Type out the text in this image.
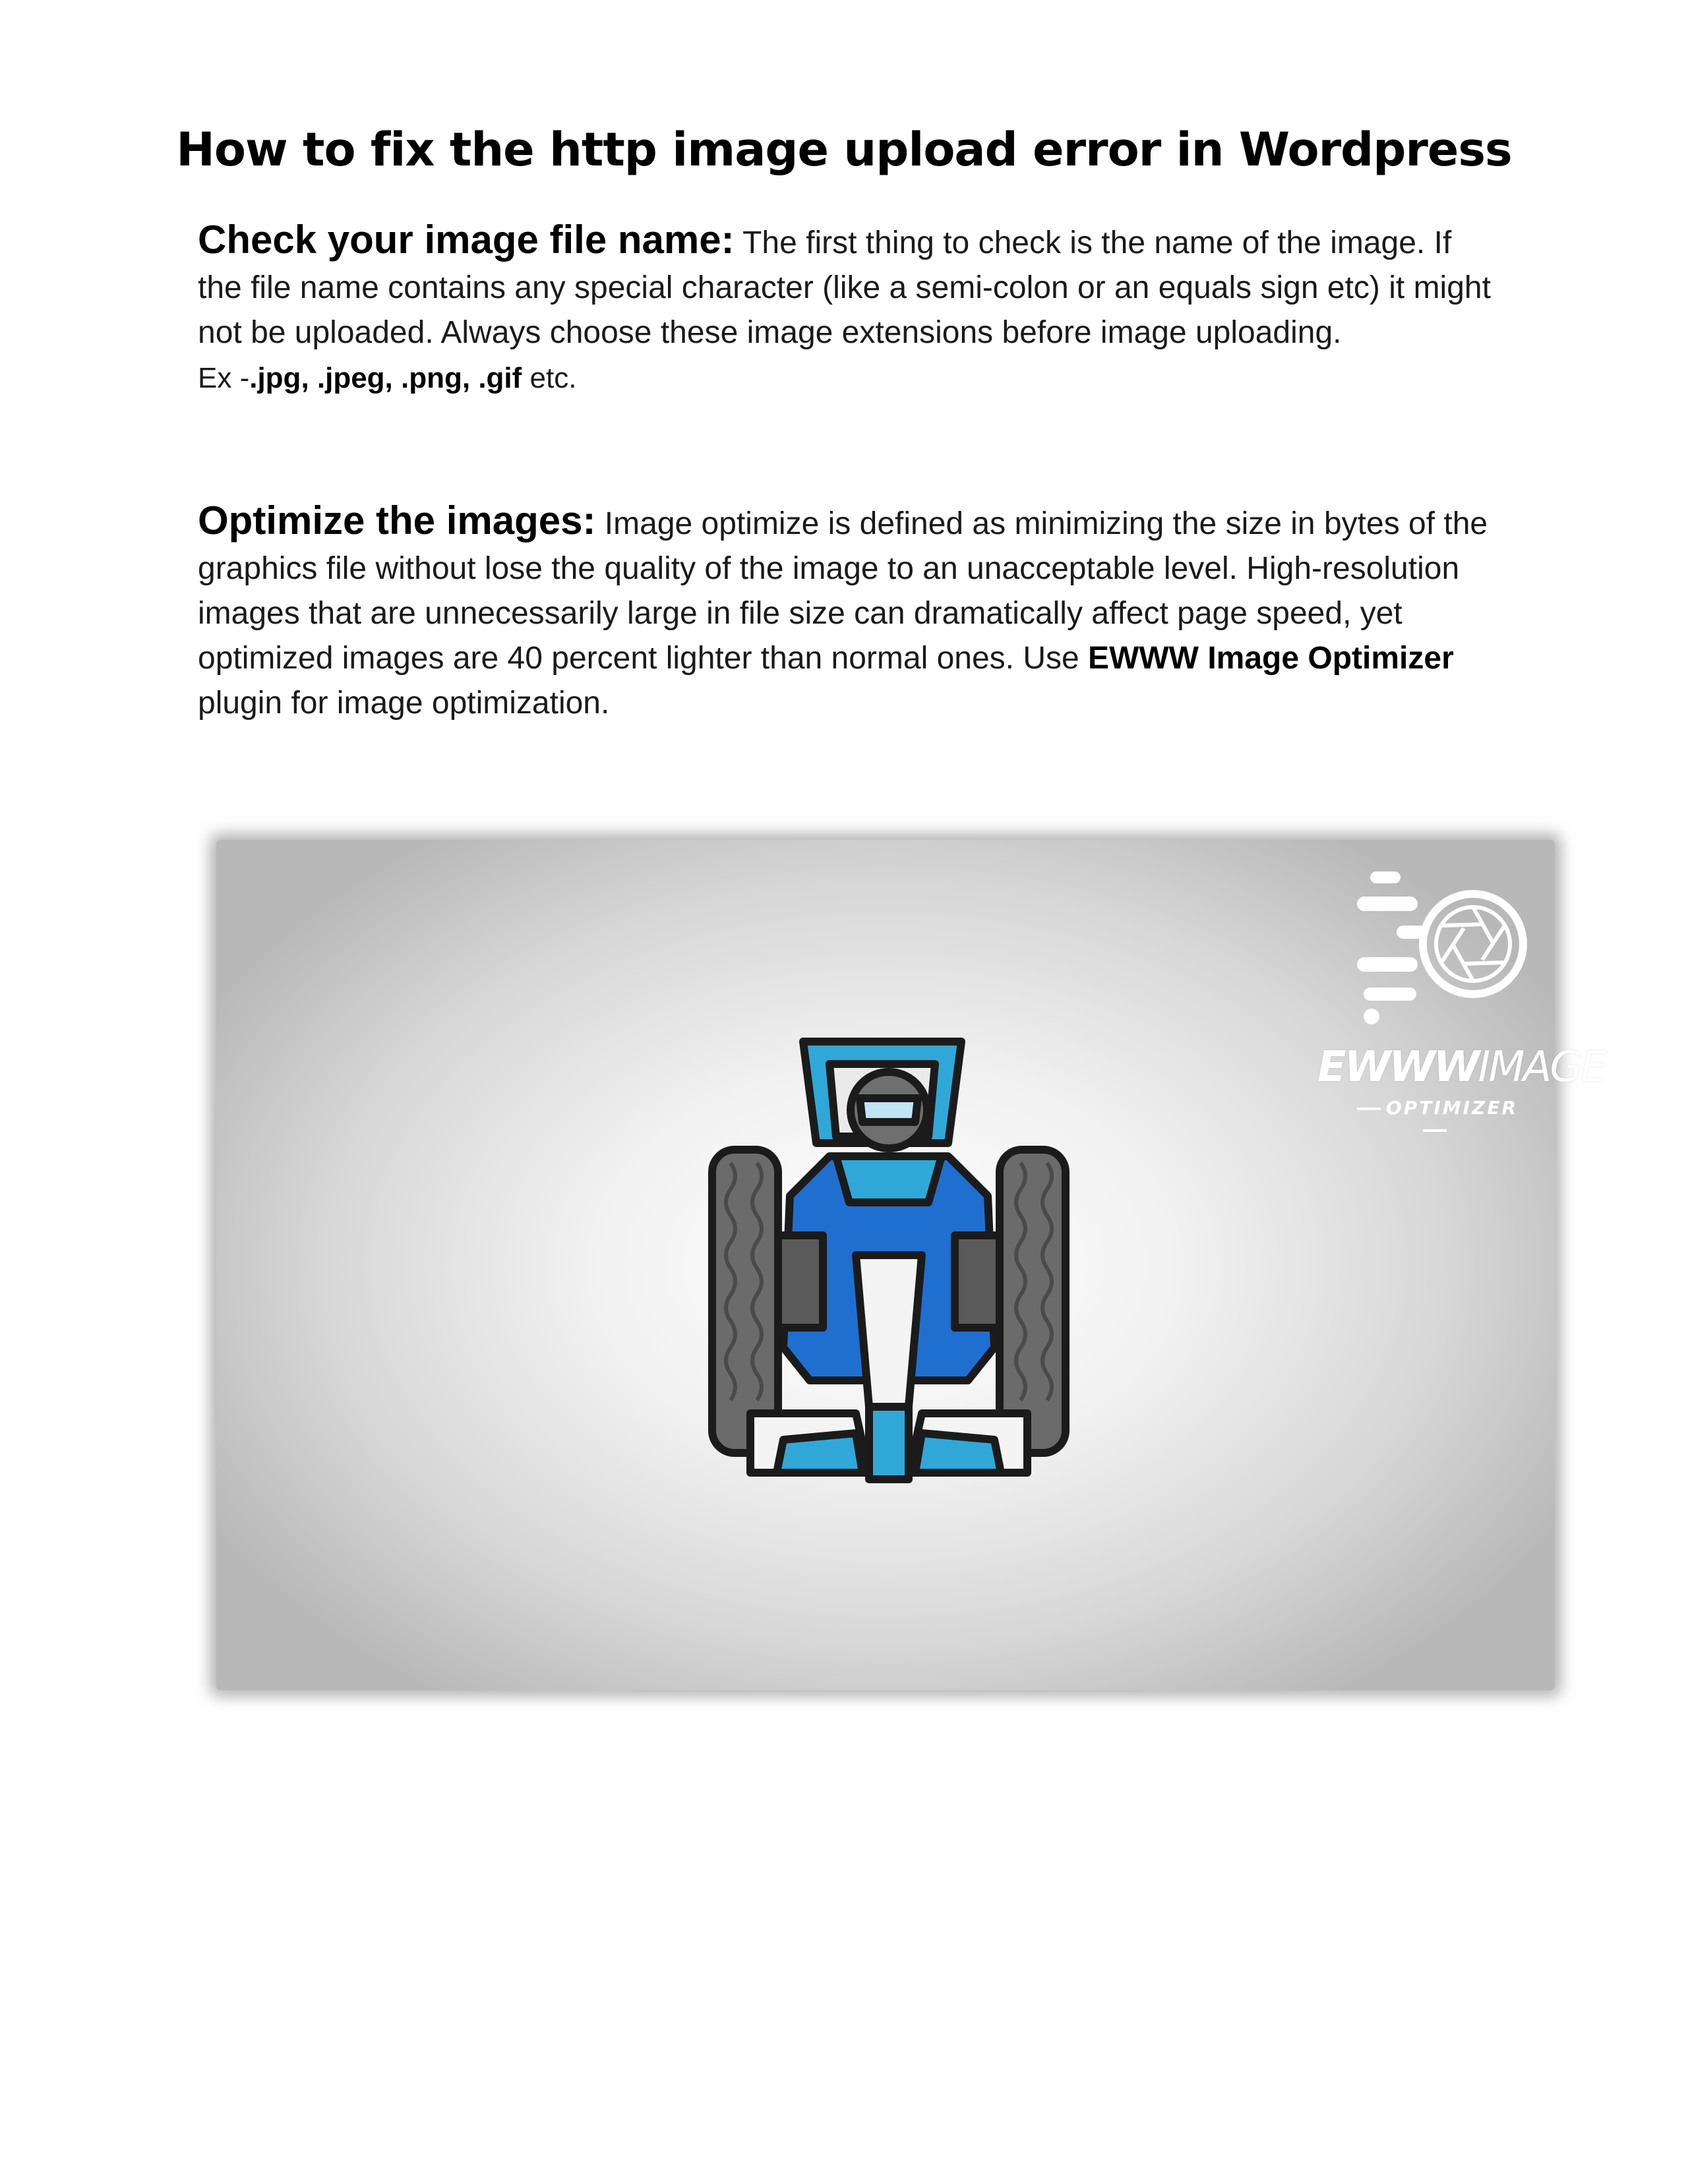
How to fix the http image upload error in Wordpress

Check your image file name: The first thing to check is the name of the image. If the file name contains any special character (like a semi-colon or an equals sign etc) it might not be uploaded. Always choose these image extensions before image uploading.
Ex -.jpg, .jpeg, .png, .gif etc.

Optimize the images: Image optimize is defined as minimizing the size in bytes of the graphics file without lose the quality of the image to an unacceptable level. High-resolution images that are unnecessarily large in file size can dramatically affect page speed, yet optimized images are 40 percent lighter than normal ones. Use EWWW Image Optimizer plugin for image optimization.

EWWWIMAGE
OPTIMIZER
